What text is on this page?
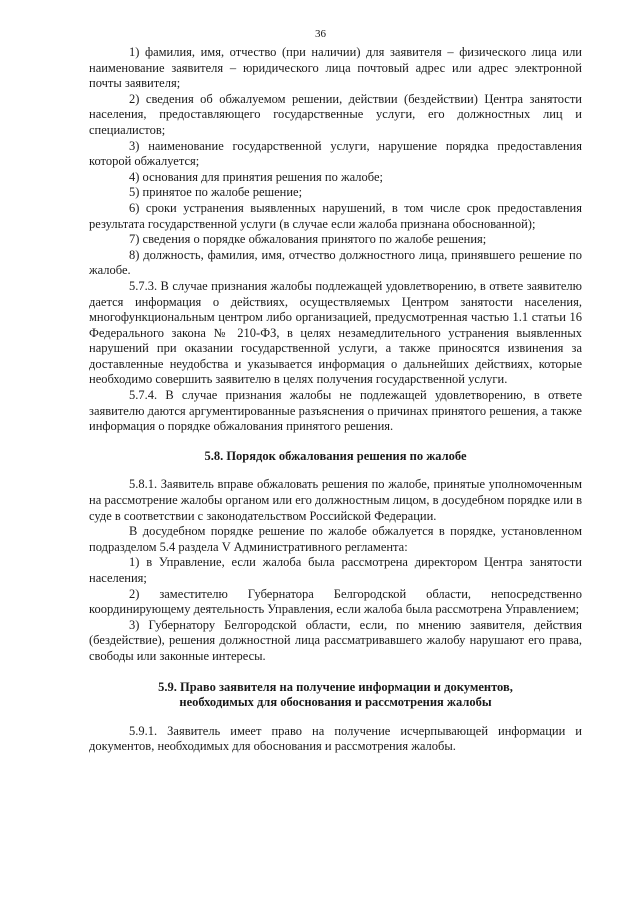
36

1) фамилия, имя, отчество (при наличии) для заявителя – физического лица или наименование заявителя – юридического лица почтовый адрес или адрес электронной почты заявителя;

2) сведения об обжалуемом решении, действии (бездействии) Центра занятости населения, предоставляющего государственные услуги, его должностных лиц и специалистов;

3) наименование государственной услуги, нарушение порядка предоставления которой обжалуется;

4) основания для принятия решения по жалобе;

5) принятое по жалобе решение;

6) сроки устранения выявленных нарушений, в том числе срок предоставления результата государственной услуги (в случае если жалоба признана обоснованной);

7) сведения о порядке обжалования принятого по жалобе решения;

8) должность, фамилия, имя, отчество должностного лица, принявшего решение по жалобе.

5.7.3. В случае признания жалобы подлежащей удовлетворению, в ответе заявителю дается информация о действиях, осуществляемых Центром занятости населения, многофункциональным центром либо организацией, предусмотренная частью 1.1 статьи 16 Федерального закона № 210-ФЗ, в целях незамедлительного устранения выявленных нарушений при оказании государственной услуги, а также приносятся извинения за доставленные неудобства и указывается информация о дальнейших действиях, которые необходимо совершить заявителю в целях получения государственной услуги.

5.7.4. В случае признания жалобы не подлежащей удовлетворению, в ответе заявителю даются аргументированные разъяснения о причинах принятого решения, а также информация о порядке обжалования принятого решения.

5.8. Порядок обжалования решения по жалобе

5.8.1. Заявитель вправе обжаловать решения по жалобе, принятые уполномоченным на рассмотрение жалобы органом или его должностным лицом, в досудебном порядке или в суде в соответствии с законодательством Российской Федерации.

В досудебном порядке решение по жалобе обжалуется в порядке, установленном подразделом 5.4 раздела V Административного регламента:

1) в Управление, если жалоба была рассмотрена директором Центра занятости населения;

2) заместителю Губернатора Белгородской области, непосредственно координирующему деятельность Управления, если жалоба была рассмотрена Управлением;

3) Губернатору Белгородской области, если, по мнению заявителя, действия (бездействие), решения должностной лица рассматривавшего жалобу нарушают его права, свободы или законные интересы.

5.9. Право заявителя на получение информации и документов,
необходимых для обоснования и рассмотрения жалобы

5.9.1. Заявитель имеет право на получение исчерпывающей информации и документов, необходимых для обоснования и рассмотрения жалобы.
